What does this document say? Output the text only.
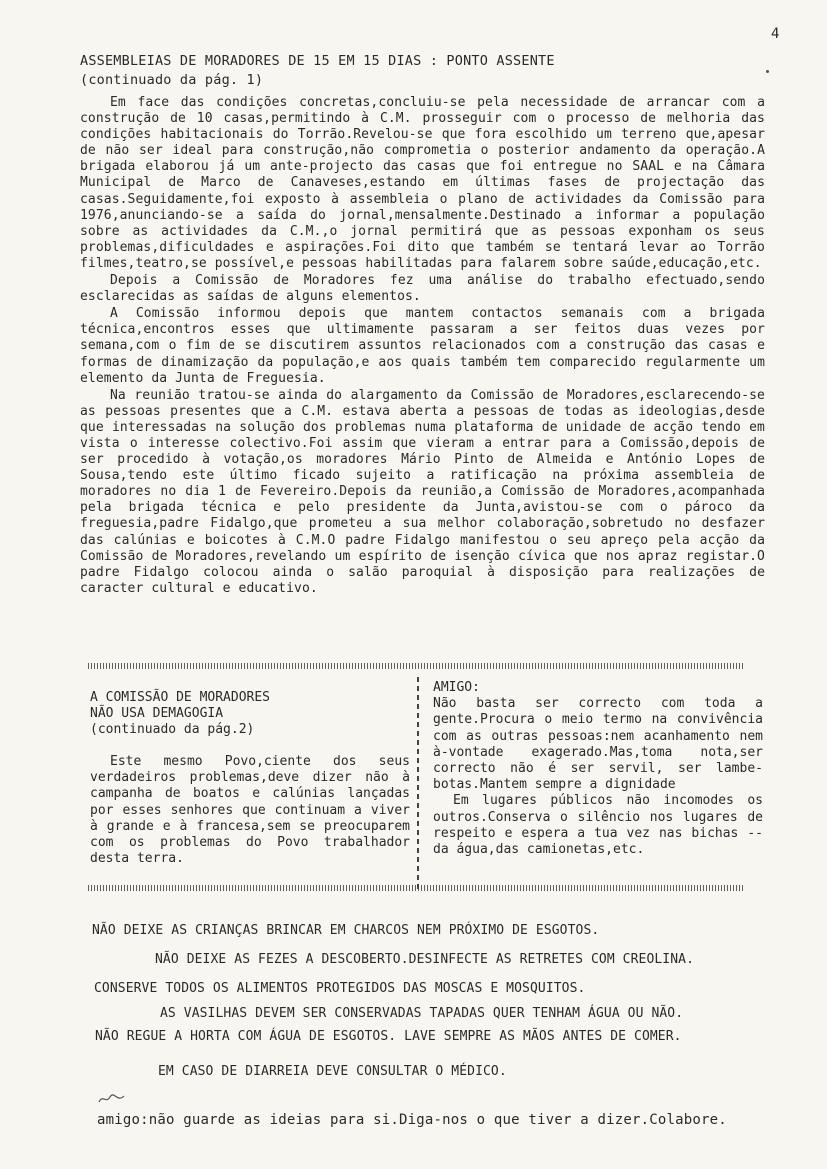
4
ASSEMBLEIAS DE MORADORES DE 15 EM 15 DIAS : PONTO ASSENTE
(continuado da pág. 1)

Em face das condições concretas,concluiu-se pela necessidade de arrancar com a construção de 10 casas,permitindo à C.M. prosseguir com o processo de melhoria das condições habitacionais do Torrão.Revelou-se que fora escolhido um terreno que,apesar de não ser ideal para construção,não comprometia o posterior andamento da operação.A brigada elaborou já um ante-projecto das casas que foi entregue no SAAL e na Câmara Municipal de Marco de Canaveses,estando em últimas fases de projectação das casas.Seguidamente,foi exposto à assembleia o plano de actividades da Comissão para 1976,anunciando-se a saída do jornal,mensalmente.Destinado a informar a população sobre as actividades da C.M.,o jornal permitirá que as pessoas exponham os seus problemas,dificuldades e aspirações.Foi dito que também se tentará levar ao Torrão filmes,teatro,se possível,e pessoas habilitadas para falarem sobre saúde,educação,etc.

Depois a Comissão de Moradores fez uma análise do trabalho efectuado,sendo esclarecidas as saídas de alguns elementos.

A Comissão informou depois que mantem contactos semanais com a brigada técnica,encontros esses que ultimamente passaram a ser feitos duas vezes por semana,com o fim de se discutirem assuntos relacionados com a construção das casas e formas de dinamização da população,e aos quais também tem comparecido regularmente um elemento da Junta de Freguesia.

Na reunião tratou-se ainda do alargamento da Comissão de Moradores,esclarecendo-se as pessoas presentes que a C.M. estava aberta a pessoas de todas as ideologias,desde que interessadas na solução dos problemas numa plataforma de unidade de acção tendo em vista o interesse colectivo.Foi assim que vieram a entrar para a Comissão,depois de ser procedido à votação,os moradores Mário Pinto de Almeida e António Lopes de Sousa,tendo este último ficado sujeito a ratificação na próxima assembleia de moradores no dia 1 de Fevereiro.Depois da reunião,a Comissão de Moradores,acompanhada pela brigada técnica e pelo presidente da Junta,avistou-se com o pároco da freguesia,padre Fidalgo,que prometeu a sua melhor colaboração,sobretudo no desfazer das calúnias e boicotes à C.M.O padre Fidalgo manifestou o seu apreço pela acção da Comissão de Moradores,revelando um espírito de isenção cívica que nos apraz registar.O padre Fidalgo colocou ainda o salão paroquial à disposição para realizações de caracter cultural e educativo.

A COMISSÃO DE MORADORES

NÃO USA DEMAGOGIA

(continuado da pág.2)

Este mesmo Povo,ciente dos seus verdadeiros problemas,deve dizer não à campanha de boatos e calúnias lançadas por esses senhores que continuam a viver à grande e à francesa,sem se preocuparem com os problemas do Povo trabalhador desta terra.

AMIGO:

Não basta ser correcto com toda a gente.Procura o meio termo na convivência com as outras pessoas:nem acanhamento nem à-vontade exagerado.Mas,toma nota,ser correcto não é ser servil, ser lambe-botas.Mantem sempre a dignidade

Em lugares públicos não incomodes os outros.Conserva o silêncio nos lugares de respeito e espera a tua vez nas bichas --da água,das camionetas,etc.

NÃO DEIXE AS CRIANÇAS BRINCAR EM CHARCOS NEM PRÓXIMO DE ESGOTOS.
NÃO DEIXE AS FEZES A DESCOBERTO.DESINFECTE AS RETRETES COM CREOLINA.
CONSERVE TODOS OS ALIMENTOS PROTEGIDOS DAS MOSCAS E MOSQUITOS.
AS VASILHAS DEVEM SER CONSERVADAS TAPADAS QUER TENHAM ÁGUA OU NÃO.
NÃO REGUE A HORTA COM ÁGUA DE ESGOTOS. LAVE SEMPRE AS MÃOS ANTES DE COMER.
EM CASO DE DIARREIA DEVE CONSULTAR O MÉDICO.
amigo:não guarde as ideias para si.Diga-nos o que tiver a dizer.Colabore.
